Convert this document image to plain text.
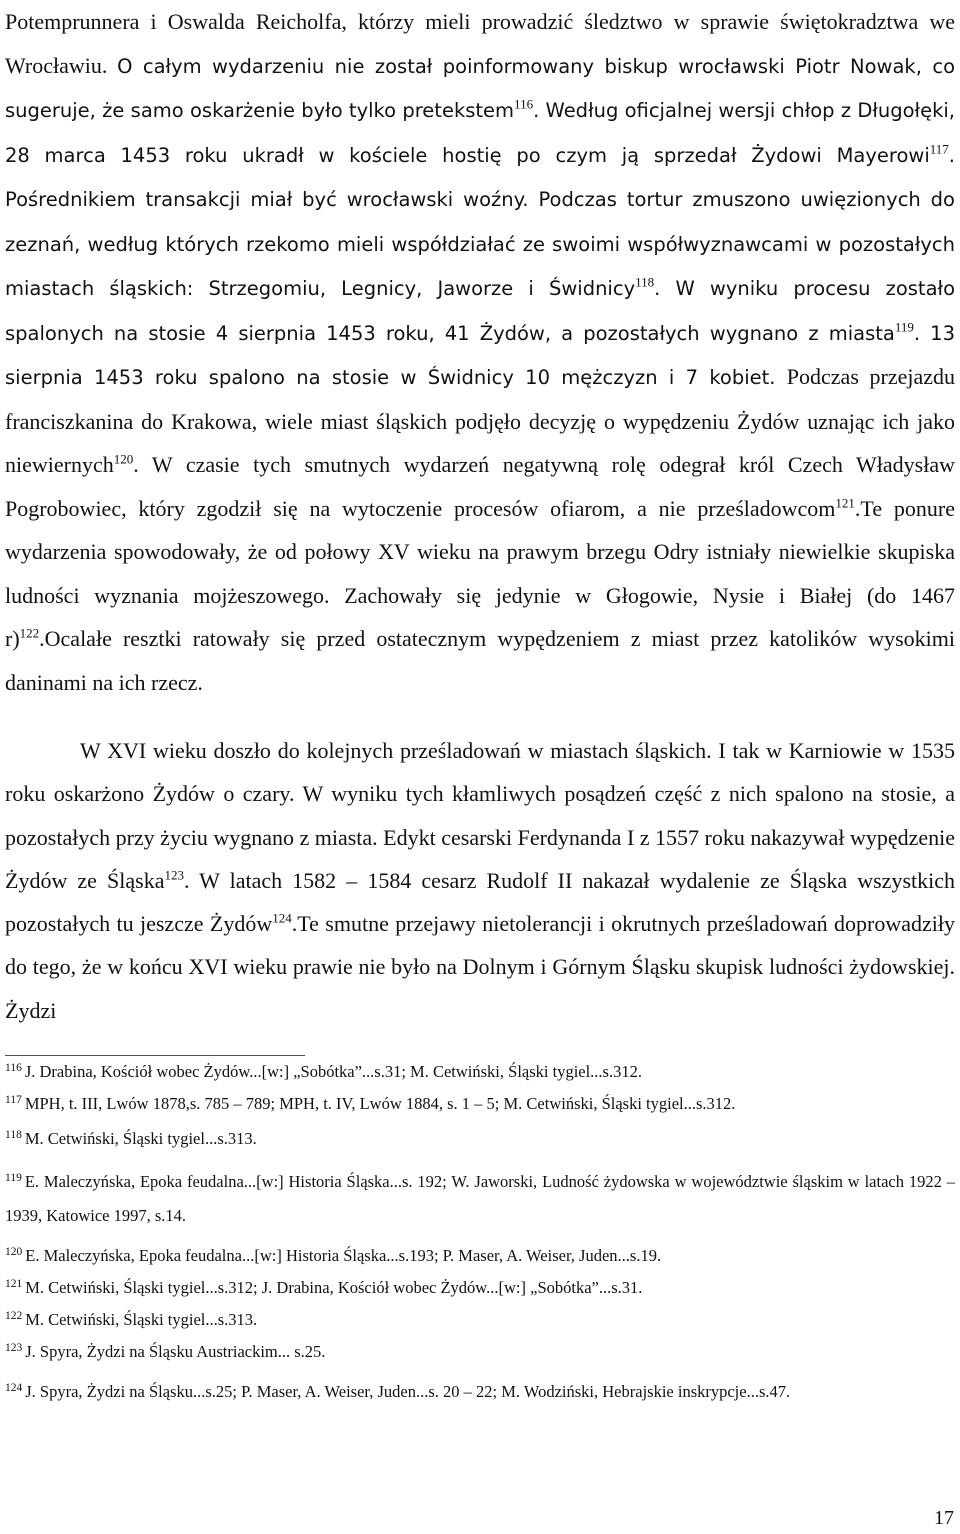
Potemprunnera i Oswalda Reicholfa, którzy mieli prowadzić śledztwo w sprawie świętokradztwa we Wrocławiu. O całym wydarzeniu nie został poinformowany biskup wrocławski Piotr Nowak, co sugeruje, że samo oskarżenie było tylko pretekstem$^{116}$. Według oficjalnej wersji chłop z Długołęki, 28 marca 1453 roku ukradł w kościele hostię po czym ją sprzedał Żydowi Mayerowi$^{117}$. Pośrednikiem transakcji miał być wrocławski woźny. Podczas tortur zmuszono uwięzionych do zeznań, według których rzekomo mieli współdziałać ze swoimi współwyznawcami w pozostałych miastach śląskich: Strzegomiu, Legnicy, Jaworze i Świdnicy$^{118}$. W wyniku procesu zostało spalonych na stosie 4 sierpnia 1453 roku, 41 Żydów, a pozostałych wygnano z miasta$^{119}$. 13 sierpnia 1453 roku spalono na stosie w Świdnicy 10 mężczyzn i 7 kobiet. Podczas przejazdu franciszkanina do Krakowa, wiele miast śląskich podjęło decyzję o wypędzeniu Żydów uznając ich jako niewiernych$^{120}$. W czasie tych smutnych wydarzeń negatywną rolę odegrał król Czech Władysław Pogrobowiec, który zgodził się na wytoczenie procesów ofiarom, a nie prześladowcom$^{121}$.Te ponure wydarzenia spowodowały, że od połowy XV wieku na prawym brzegu Odry istniały niewielkie skupiska ludności wyznania mojżeszowego. Zachowały się jedynie w Głogowie, Nysie i Białej (do 1467 r)$^{122}$.Ocalałe resztki ratowały się przed ostatecznym wypędzeniem z miast przez katolików wysokimi daninami na ich rzecz.

W XVI wieku doszło do kolejnych prześladowań w miastach śląskich. I tak w Karniowie w 1535 roku oskarżono Żydów o czary. W wyniku tych kłamliwych posądzeń część z nich spalono na stosie, a pozostałych przy życiu wygnano z miasta. Edykt cesarski Ferdynanda I z 1557 roku nakazywał wypędzenie Żydów ze Śląska$^{123}$. W latach 1582 – 1584 cesarz Rudolf II nakazał wydalenie ze Śląska wszystkich pozostałych tu jeszcze Żydów$^{124}$.Te smutne przejawy nietolerancji i okrutnych prześladowań doprowadziły do tego, że w końcu XVI wieku prawie nie było na Dolnym i Górnym Śląsku skupisk ludności żydowskiej. Żydzi

$^{116}$ J. Drabina, Kościół wobec Żydów...[w:] „Sobótka”...s.31; M. Cetwiński, Śląski tygiel...s.312.

$^{117}$ MPH, t. III, Lwów 1878,s. 785 – 789; MPH, t. IV, Lwów 1884, s. 1 – 5; M. Cetwiński, Śląski tygiel...s.312.

$^{118}$ M. Cetwiński, Śląski tygiel...s.313.

$^{119}$ E. Maleczyńska, Epoka feudalna...[w:] Historia Śląska...s. 192; W. Jaworski, Ludność żydowska w województwie śląskim w latach 1922 – 1939, Katowice 1997, s.14.

$^{120}$ E. Maleczyńska, Epoka feudalna...[w:] Historia Śląska...s.193; P. Maser, A. Weiser, Juden...s.19.

$^{121}$ M. Cetwiński, Śląski tygiel...s.312; J. Drabina, Kościół wobec Żydów...[w:] „Sobótka”...s.31.

$^{122}$ M. Cetwiński, Śląski tygiel...s.313.

$^{123}$ J. Spyra, Żydzi na Śląsku Austriackim... s.25.

$^{124}$ J. Spyra, Żydzi na Śląsku...s.25; P. Maser, A. Weiser, Juden...s. 20 – 22; M. Wodziński, Hebrajskie inskrypcje...s.47.

17
